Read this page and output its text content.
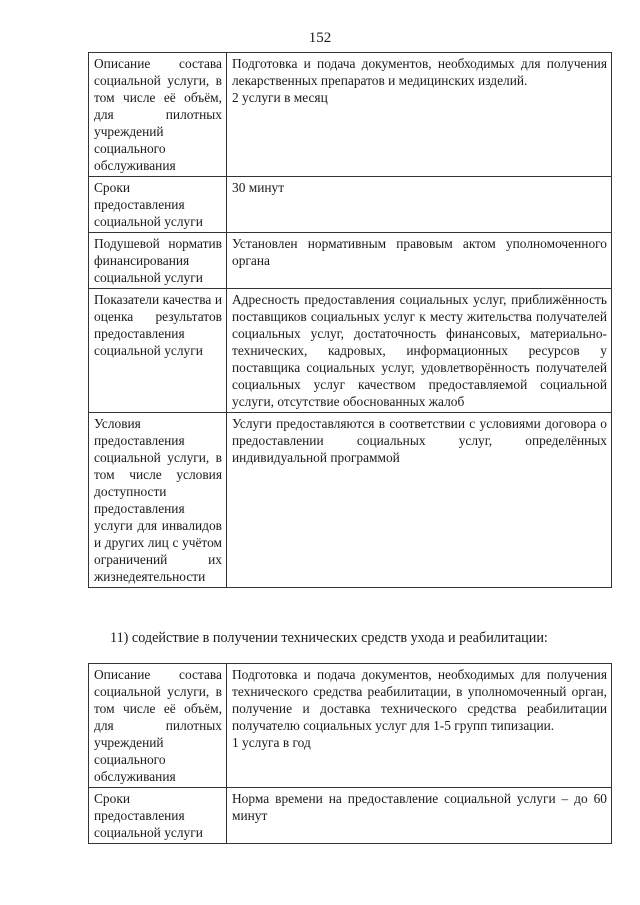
152
Описание состава социальной услуги, в том числе её объём, для пилотных учреждений социального обслуживания	Подготовка и подача документов, необходимых для получения лекарственных препаратов и медицинских изделий.

2 услуги в месяц

Сроки предоставления социальной услуги	30 минут

Подушевой норматив финансирования социальной услуги	Установлен нормативным правовым актом уполномоченного органа

Показатели качества и оценка результатов предоставления социальной услуги	Адресность предоставления социальных услуг, приближённость поставщиков социальных услуг к месту жительства получателей социальных услуг, достаточность финансовых, материально-технических, кадровых, информационных ресурсов у поставщика социальных услуг, удовлетворённость получателей социальных услуг качеством предоставляемой социальной услуги, отсутствие обоснованных жалоб

Условия предоставления социальной услуги, в том числе условия доступности предоставления услуги для инвалидов и других лиц с учётом ограничений их жизнедеятельности	Услуги предоставляются в соответствии с условиями договора о предоставлении социальных услуг, определённых индивидуальной программой

11) содействие в получении технических средств ухода и реабилитации:
Описание состава социальной услуги, в том числе её объём, для пилотных учреждений социального обслуживания	Подготовка и подача документов, необходимых для получения технического средства реабилитации, в уполномоченный орган, получение и доставка технического средства реабилитации получателю социальных услуг для 1-5 групп типизации.

1 услуга в год

Сроки предоставления социальной услуги	Норма времени на предоставление социальной услуги – до 60 минут
